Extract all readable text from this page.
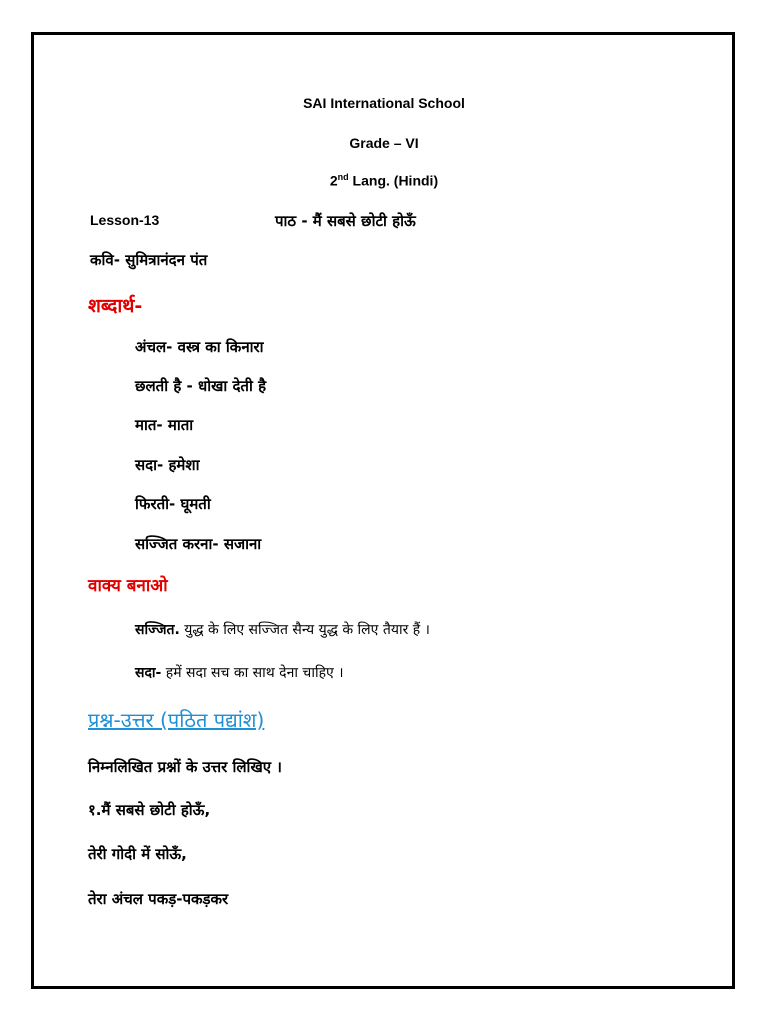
SAI International School
Grade – VI
2nd Lang. (Hindi)
Lesson-13	पाठ - मैं सबसे छोटी होऊँ
कवि- सुमित्रानंदन पंत
शब्दार्थ-
अंचल- वस्त्र का किनारा
छलती है - धोखा देती है
मात- माता
सदा- हमेशा
फिरती- घूमती
सज्जित करना- सजाना
वाक्य बनाओ
सज्जित. युद्ध के लिए सज्जित सैन्य युद्ध के लिए तैयार हैं ।
सदा- हमें सदा सच का साथ देना चाहिए ।
प्रश्न-उत्तर (पठित पद्यांश)
निम्नलिखित प्रश्नों के उत्तर लिखिए ।
१.मैं सबसे छोटी होऊँ,
तेरी गोदी में सोऊँ,
तेरा अंचल पकड़-पकड़कर
